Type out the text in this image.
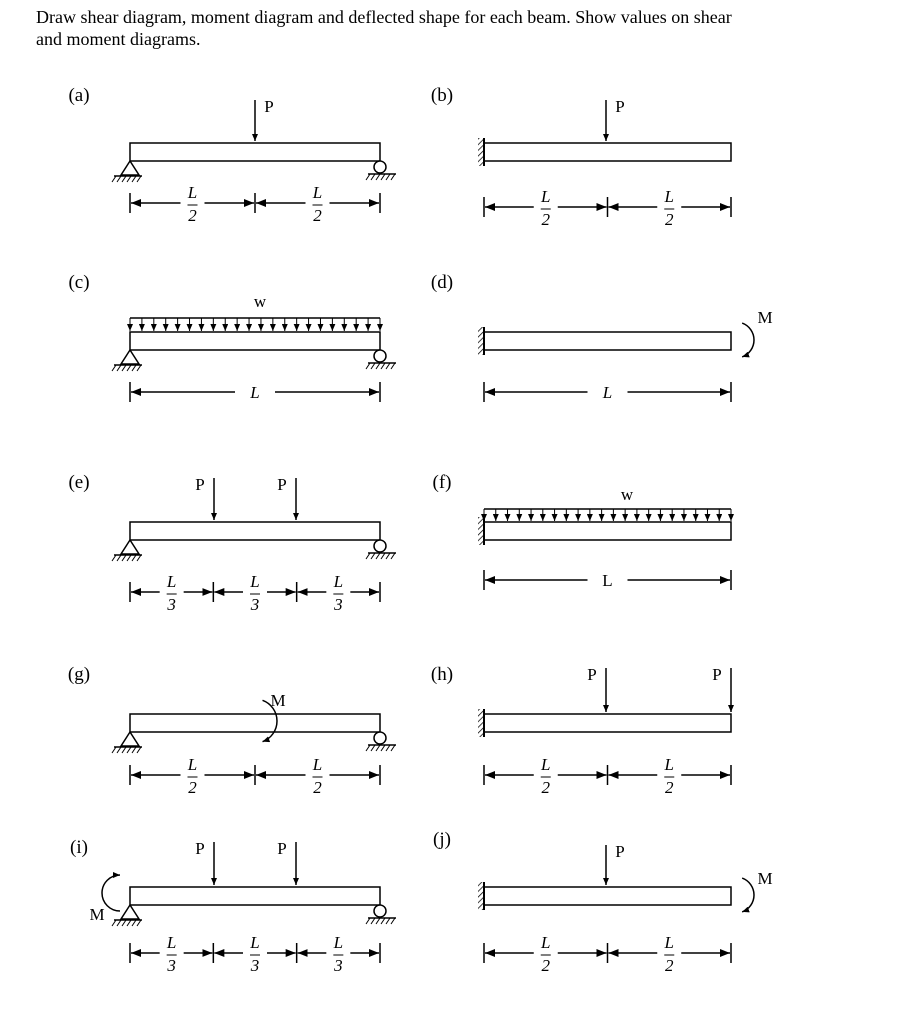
Draw shear diagram, moment diagram and deflected shape for each beam. Show values on shear
and moment diagrams.

(a)
P
L
2
L
2
(b)
P
L
2
L
2
(c)
w
L
(d)
M
L
(e)	P	P
L
3
L
3
L
3
(f)
w
L
(g)
M
L
2
L
2
(h)	P	P
L
2
L
2
(i)	P	P
M
L
3
L
3
L
3
(j)
P
M
L
2
L
2
